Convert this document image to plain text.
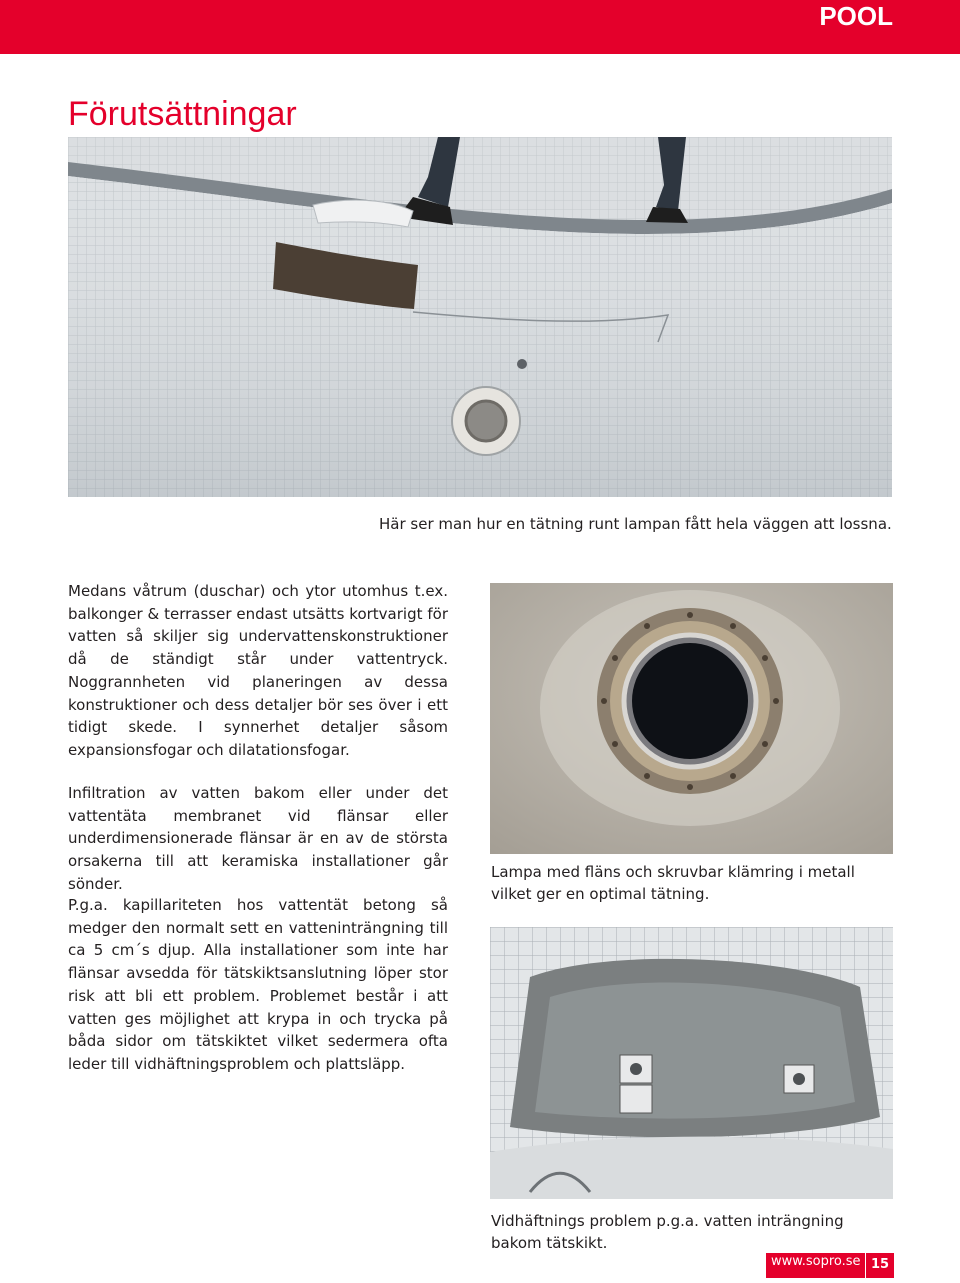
POOL
Förutsättningar

Här ser man hur en tätning runt lampan fått hela väggen att lossna.

Medans våtrum (duschar) och ytor utomhus t.ex. balkonger & terrasser endast utsätts kortvarigt för vatten så skiljer sig undervattenskonstruktioner då de ständigt står under vattentryck. Noggrannheten vid planeringen av dessa konstruktioner och dess detaljer bör ses över i ett tidigt skede. I synnerhet detaljer såsom expansionsfogar och dilatationsfogar.

Infiltration av vatten bakom eller under det vattentäta membranet vid flänsar eller underdimensionerade flänsar är en av de största orsakerna till att keramiska installationer går sönder.

P.g.a. kapillariteten hos vattentät betong så medger den normalt sett en vatteninträngning till ca 5 cm´s djup. Alla installationer som inte har flänsar avsedda för tätskiktsanslutning löper stor risk att bli ett problem. Problemet består i att vatten ges möjlighet att krypa in och trycka på båda sidor om tätskiktet vilket sedermera ofta leder till vidhäftningsproblem och plattsläpp.

Lampa med fläns och skruvbar klämring i metall vilket ger en optimal tätning.

Vidhäftnings problem p.g.a. vatten inträngning bakom tätskikt.

www.sopro.se 15
